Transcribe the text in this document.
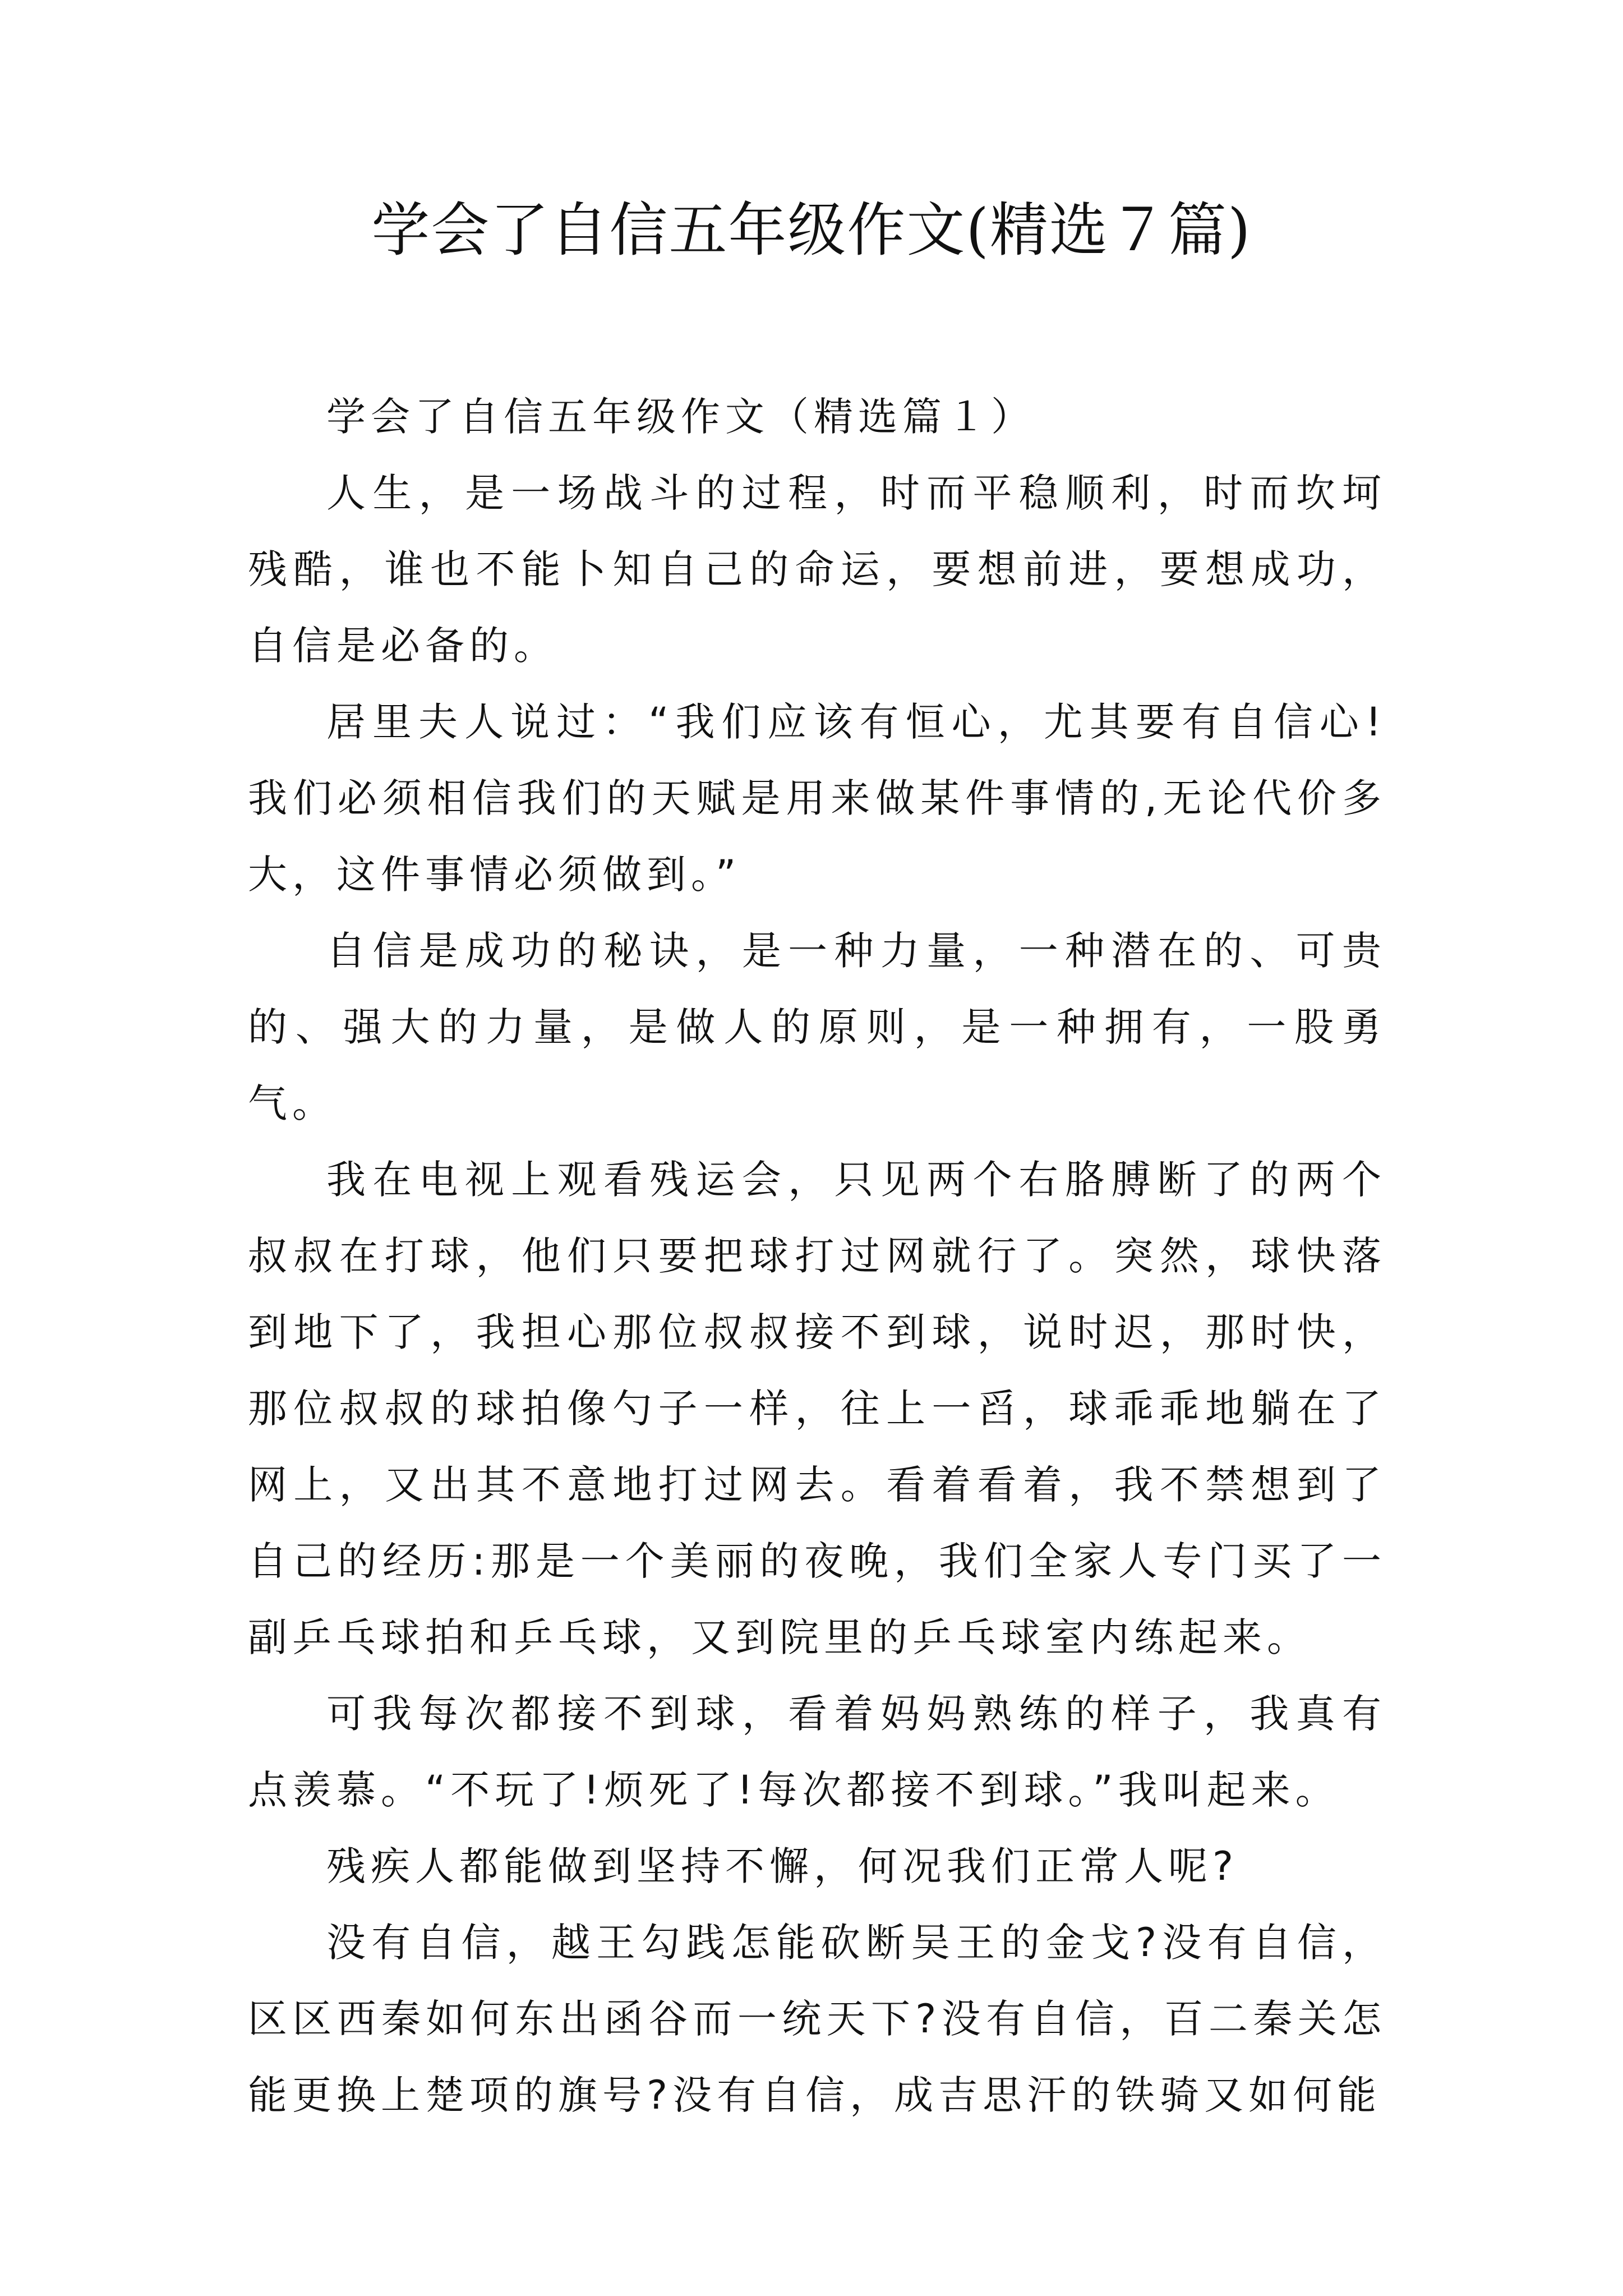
学会了自信五年级作文(精选７篇)

学会了自信五年级作文（精选篇１）

人生，是一场战斗的过程，时而平稳顺利，时而坎坷残酷，谁也不能卜知自己的命运，要想前进，要想成功，自信是必备的。

居里夫人说过：“我们应该有恒心，尤其要有自信心!我们必须相信我们的天赋是用来做某件事情的,无论代价多大，这件事情必须做到。”

自信是成功的秘诀，是一种力量，一种潜在的、可贵的、强大的力量，是做人的原则，是一种拥有，一股勇气。

我在电视上观看残运会，只见两个右胳膊断了的两个叔叔在打球，他们只要把球打过网就行了。突然，球快落到地下了，我担心那位叔叔接不到球，说时迟，那时快，那位叔叔的球拍像勺子一样，往上一舀，球乖乖地躺在了网上，又出其不意地打过网去。看着看着，我不禁想到了自己的经历:那是一个美丽的夜晚，我们全家人专门买了一副乒乓球拍和乒乓球，又到院里的乒乓球室内练起来。

可我每次都接不到球，看着妈妈熟练的样子，我真有点羡慕。“不玩了!烦死了!每次都接不到球。”我叫起来。

残疾人都能做到坚持不懈，何况我们正常人呢?

没有自信，越王勾践怎能砍断吴王的金戈?没有自信，区区西秦如何东出函谷而一统天下?没有自信，百二秦关怎能更换上楚项的旗号?没有自信，成吉思汗的铁骑又如何能
